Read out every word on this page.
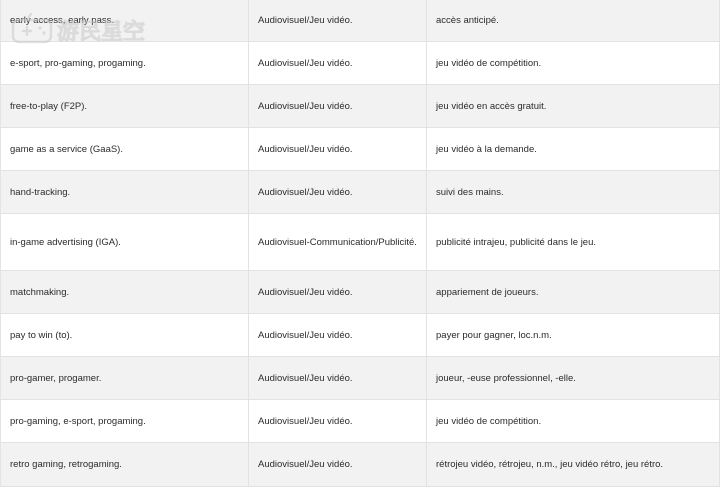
early access, early pass.	Audiovisuel/Jeu vidéo.	accès anticipé.
e-sport, pro-gaming, progaming.	Audiovisuel/Jeu vidéo.	jeu vidéo de compétition.
free-to-play (F2P).	Audiovisuel/Jeu vidéo.	jeu vidéo en accès gratuit.
game as a service (GaaS).	Audiovisuel/Jeu vidéo.	jeu vidéo à la demande.
hand-tracking.	Audiovisuel/Jeu vidéo.	suivi des mains.
in-game advertising (IGA).	Audiovisuel-Communication/Publicité.	publicité intrajeu, publicité dans le jeu.
matchmaking.	Audiovisuel/Jeu vidéo.	appariement de joueurs.
pay to win (to).	Audiovisuel/Jeu vidéo.	payer pour gagner, loc.n.m.
pro-gamer, progamer.	Audiovisuel/Jeu vidéo.	joueur, -euse professionnel, -elle.
pro-gaming, e-sport, progaming.	Audiovisuel/Jeu vidéo.	jeu vidéo de compétition.
retro gaming, retrogaming.	Audiovisuel/Jeu vidéo.	rétrojeu vidéo, rétrojeu, n.m., jeu vidéo rétro, jeu rétro.
游民星空
